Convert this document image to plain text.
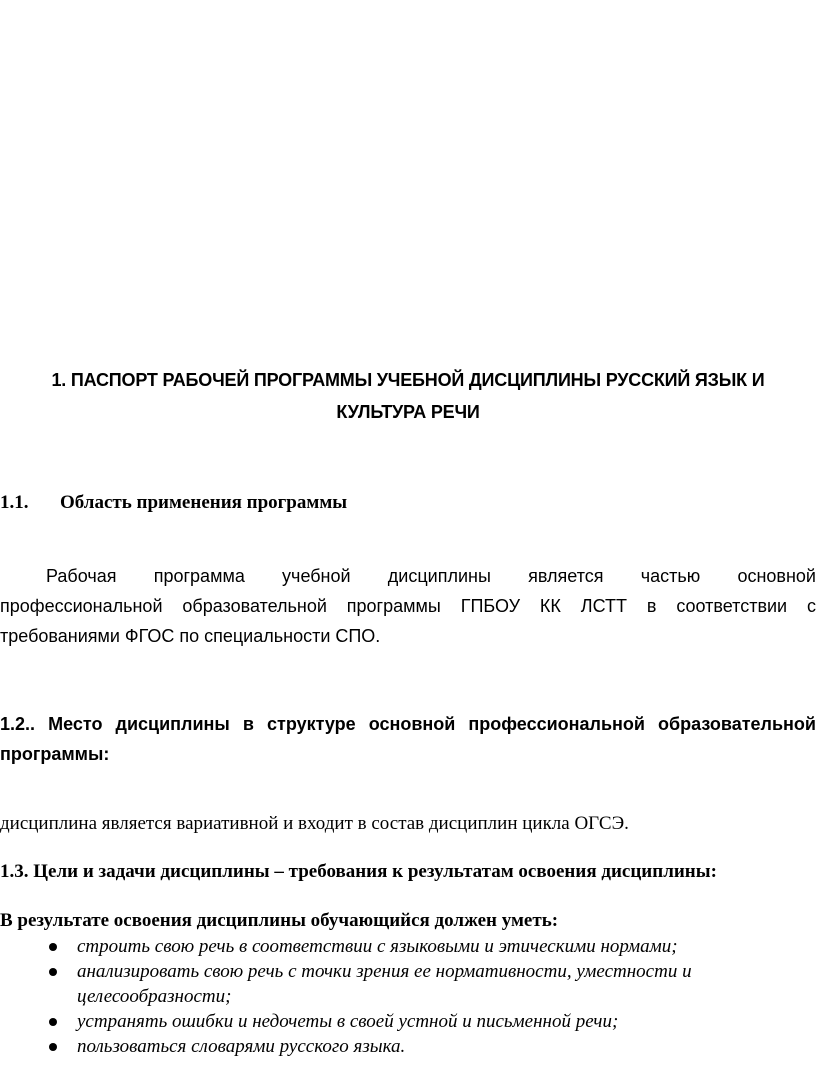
1. ПАСПОРТ РАБОЧЕЙ ПРОГРАММЫ УЧЕБНОЙ ДИСЦИПЛИНЫ РУССКИЙ ЯЗЫК И
КУЛЬТУРА РЕЧИ
1.1. Область применения программы
Рабочая программа учебной дисциплины является частью основной
профессиональной образовательной программы ГПБОУ КК ЛСТТ в соответствии с
требованиями ФГОС по специальности СПО.
1.2.. Место дисциплины в структуре основной профессиональной образовательной
программы:
дисциплина является вариативной и входит в состав дисциплин цикла ОГСЭ.
1.3. Цели и задачи дисциплины – требования к результатам освоения дисциплины:
В результате освоения дисциплины обучающийся должен уметь:
строить свою речь в соответствии с языковыми и этическими нормами;
анализировать свою речь с точки зрения ее нормативности, уместности и целесообразности;
устранять ошибки и недочеты в своей устной и письменной речи;
пользоваться словарями русского языка.
